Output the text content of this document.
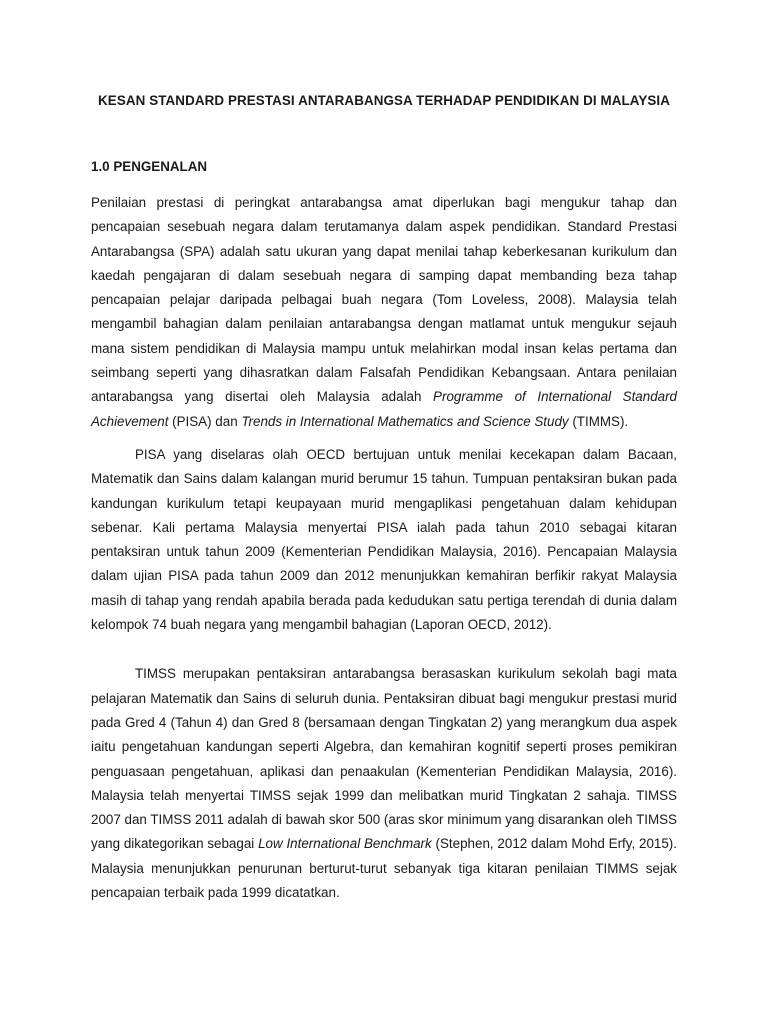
KESAN STANDARD PRESTASI ANTARABANGSA TERHADAP PENDIDIKAN DI MALAYSIA
1.0 PENGENALAN

Penilaian prestasi di peringkat antarabangsa amat diperlukan bagi mengukur tahap dan pencapaian sesebuah negara dalam terutamanya dalam aspek pendidikan. Standard Prestasi Antarabangsa (SPA) adalah satu ukuran yang dapat menilai tahap keberkesanan kurikulum dan kaedah pengajaran di dalam sesebuah negara di samping dapat membanding beza tahap pencapaian pelajar daripada pelbagai buah negara (Tom Loveless, 2008). Malaysia telah mengambil bahagian dalam penilaian antarabangsa dengan matlamat untuk mengukur sejauh mana sistem pendidikan di Malaysia mampu untuk melahirkan modal insan kelas pertama dan seimbang seperti yang dihasratkan dalam Falsafah Pendidikan Kebangsaan. Antara penilaian antarabangsa yang disertai oleh Malaysia adalah Programme of International Standard Achievement (PISA) dan Trends in International Mathematics and Science Study (TIMMS).

PISA yang diselaras olah OECD bertujuan untuk menilai kecekapan dalam Bacaan, Matematik dan Sains dalam kalangan murid berumur 15 tahun. Tumpuan pentaksiran bukan pada kandungan kurikulum tetapi keupayaan murid mengaplikasi pengetahuan dalam kehidupan sebenar. Kali pertama Malaysia menyertai PISA ialah pada tahun 2010 sebagai kitaran pentaksiran untuk tahun 2009 (Kementerian Pendidikan Malaysia, 2016). Pencapaian Malaysia dalam ujian PISA pada tahun 2009 dan 2012 menunjukkan kemahiran berfikir rakyat Malaysia masih di tahap yang rendah apabila berada pada kedudukan satu pertiga terendah di dunia dalam kelompok 74 buah negara yang mengambil bahagian (Laporan OECD, 2012).

TIMSS merupakan pentaksiran antarabangsa berasaskan kurikulum sekolah bagi mata pelajaran Matematik dan Sains di seluruh dunia. Pentaksiran dibuat bagi mengukur prestasi murid pada Gred 4 (Tahun 4) dan Gred 8 (bersamaan dengan Tingkatan 2) yang merangkum dua aspek iaitu pengetahuan kandungan seperti Algebra, dan kemahiran kognitif seperti proses pemikiran penguasaan pengetahuan, aplikasi dan penaakulan (Kementerian Pendidikan Malaysia, 2016). Malaysia telah menyertai TIMSS sejak 1999 dan melibatkan murid Tingkatan 2 sahaja. TIMSS 2007 dan TIMSS 2011 adalah di bawah skor 500 (aras skor minimum yang disarankan oleh TIMSS yang dikategorikan sebagai Low International Benchmark (Stephen, 2012 dalam Mohd Erfy, 2015). Malaysia menunjukkan penurunan berturut-turut sebanyak tiga kitaran penilaian TIMMS sejak pencapaian terbaik pada 1999 dicatatkan.
